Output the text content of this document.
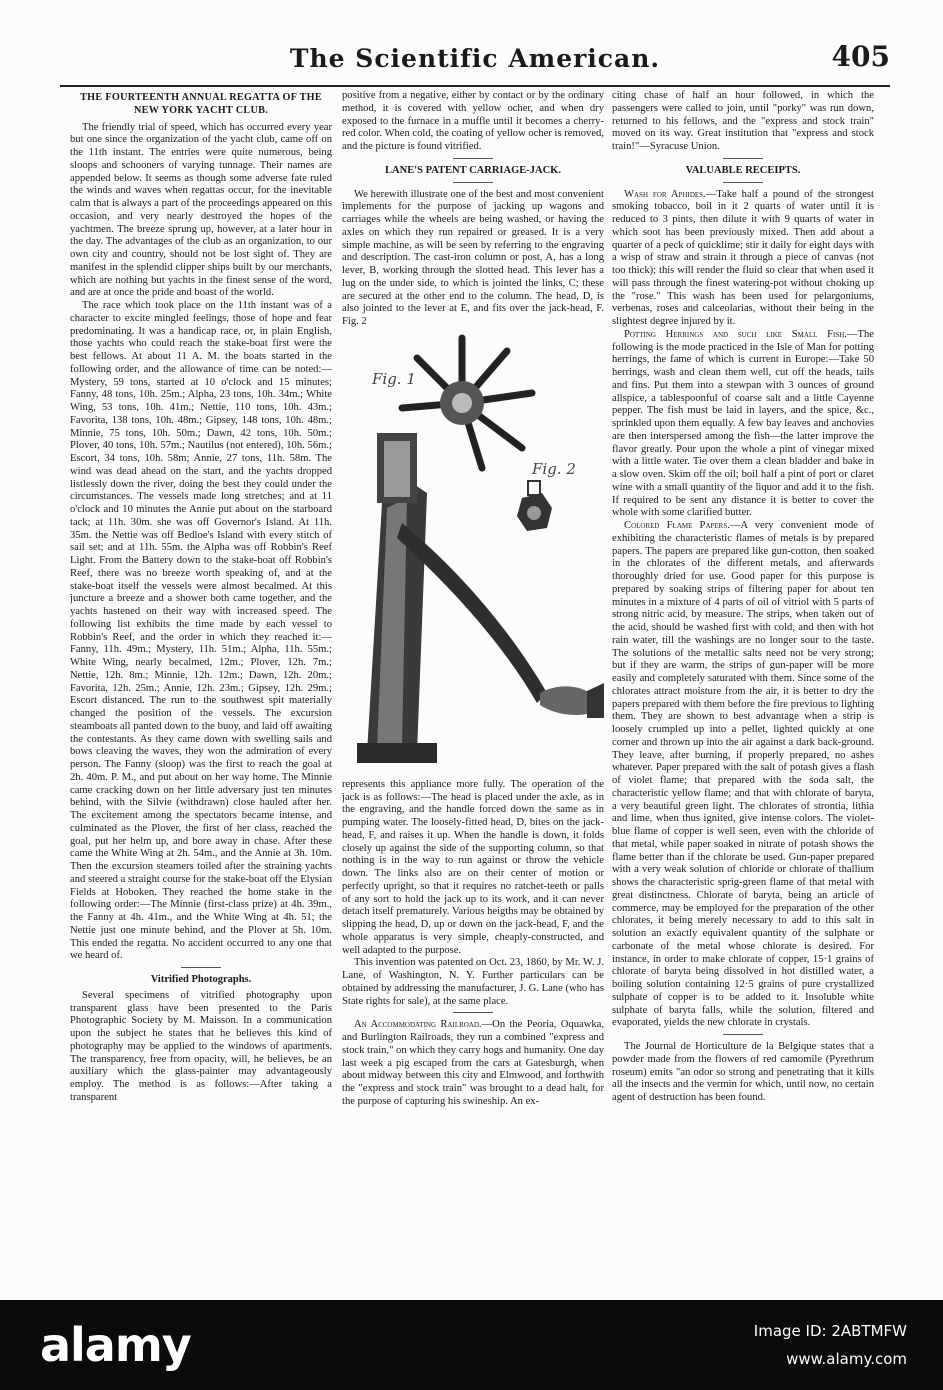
The Scientific American.	405
THE FOURTEENTH ANNUAL REGATTA OF THE NEW YORK YACHT CLUB.

The friendly trial of speed, which has occurred every year but one since the organization of the yacht club, came off on the 11th instant. The entries were quite numerous, being sloops and schooners of varying tunnage. Their names are appended below. It seems as though some adverse fate ruled the winds and waves when regattas occur, for the inevitable calm that is always a part of the proceedings appeared on this occasion, and very nearly destroyed the hopes of the yachtmen. The breeze sprung up, however, at a later hour in the day. The advantages of the club as an organization, to our own city and country, should not be lost sight of. They are manifest in the splendid clipper ships built by our merchants, which are nothing but yachts in the finest sense of the word, and are at once the pride and boast of the world.

The race which took place on the 11th instant was of a character to excite mingled feelings, those of hope and fear predominating. It was a handicap race, or, in plain English, those yachts who could reach the stake-boat first were the best fellows. At about 11 A. M. the boats started in the following order, and the allowance of time can be noted:—Mystery, 59 tons, started at 10 o'clock and 15 minutes; Fanny, 48 tons, 10h. 25m.; Alpha, 23 tons, 10h. 34m.; White Wing, 53 tons, 10h. 41m.; Nettie, 110 tons, 10h. 43m.; Favorita, 138 tons, 10h. 48m.; Gipsey, 148 tons, 10h. 48m.; Minnie, 75 tons, 10h. 50m.; Dawn, 42 tons, 10h. 50m.; Plover, 40 tons, 10h. 57m.; Nautilus (not entered), 10h. 56m.; Escort, 34 tons, 10h. 58m; Annie, 27 tons, 11h. 58m. The wind was dead ahead on the start, and the yachts dropped listlessly down the river, doing the best they could under the circumstances. The vessels made long stretches; and at 11 o'clock and 10 minutes the Annie put about on the starboard tack; at 11h. 30m. she was off Governor's Island. At 11h. 35m. the Nettie was off Bedloe's Island with every stitch of sail set; and at 11h. 55m. the Alpha was off Robbin's Reef Light. From the Battery down to the stake-boat off Robbin's Reef, there was no breeze worth speaking of, and at the stake-boat itself the vessels were almost becalmed. At this juncture a breeze and a shower both came together, and the yachts hastened on their way with increased speed. The following list exhibits the time made by each vessel to Robbin's Reef, and the order in which they reached it:—Fanny, 11h. 49m.; Mystery, 11h. 51m.; Alpha, 11h. 55m.; White Wing, nearly becalmed, 12m.; Plover, 12h. 7m.; Nettie, 12h. 8m.; Minnie, 12h. 12m.; Dawn, 12h. 20m.; Favorita, 12h. 25m.; Annie, 12h. 23m.; Gipsey, 12h. 29m.; Escort distanced. The run to the southwest spit materially changed the position of the vessels. The excursion steamboats all panted down to the buoy, and laid off awaiting the contestants. As they came down with swelling sails and bows cleaving the waves, they won the admiration of every person. The Fanny (sloop) was the first to reach the goal at 2h. 40m. P. M., and put about on her way home. The Minnie came cracking down on her little adversary just ten minutes behind, with the Silvie (withdrawn) close hauled after her. The excitement among the spectators became intense, and culminated as the Plover, the first of her class, reached the goal, put her helm up, and bore away in chase. After these came the White Wing at 2h. 54m., and the Annie at 3h. 10m. Then the excursion steamers toiled after the straining yachts and steered a straight course for the stake-boat off the Elysian Fields at Hoboken. They reached the home stake in the following order:—The Minnie (first-class prize) at 4h. 39m., the Fanny at 4h. 41m., and the White Wing at 4h. 51; the Nettie just one minute behind, and the Plover at 5h. 10m. This ended the regatta. No accident occurred to any one that we heard of.

Vitrified Photographs.

Several specimens of vitrified photography upon transparent glass have been presented to the Paris Photographic Society by M. Maisson. In a communication upon the subject he states that he believes this kind of photography may be applied to the windows of apartments. The transparency, free from opacity, will, he believes, be an auxiliary which the glass-painter may advantageously employ. The method is as follows:—After taking a transparent

positive from a negative, either by contact or by the ordinary method, it is covered with yellow ocher, and when dry exposed to the furnace in a muffle until it becomes a cherry-red color. When cold, the coating of yellow ocher is removed, and the picture is found vitrified.

LANE'S PATENT CARRIAGE-JACK.

We herewith illustrate one of the best and most convenient implements for the purpose of jacking up wagons and carriages while the wheels are being washed, or having the axles on which they run repaired or greased. It is a very simple machine, as will be seen by referring to the engraving and description. The cast-iron column or post, A, has a long lever, B, working through the slotted head. This lever has a lug on the under side, to which is jointed the links, C; these are secured at the other end to the column. The head, D, is also jointed to the lever at E, and fits over the jack-head, F. Fig. 2

Fig. 1
Fig. 2

represents this appliance more fully. The operation of the jack is as follows:—The head is placed under the axle, as in the engraving, and the handle forced down the same as in pumping water. The loosely-fitted head, D, bites on the jack-head, F, and raises it up. When the handle is down, it folds closely up against the side of the supporting column, so that nothing is in the way to run against or throw the vehicle down. The links also are on their center of motion or perfectly upright, so that it requires no ratchet-teeth or palls of any sort to hold the jack up to its work, and it can never detach itself prematurely. Various heigths may be obtained by slipping the head, D, up or down on the jack-head, F, and the whole apparatus is very simple, cheaply-constructed, and well adapted to the purpose.

This invention was patented on Oct. 23, 1860, by Mr. W. J. Lane, of Washington, N. Y. Further particulars can be obtained by addressing the manufacturer, J. G. Lane (who has State rights for sale), at the same place.

An Accommodating Railroad.—On the Peoria, Oquawka, and Burlington Railroads, they run a combined "express and stock train," on which they carry hogs and humanity. One day last week a pig escaped from the cars at Gatesburgh, when about midway between this city and Elmwood, and forthwith the "express and stock train" was brought to a dead halt, for the purpose of capturing his swineship. An ex-

citing chase of half an hour followed, in which the passengers were called to join, until "porky" was run down, returned to his fellows, and the "express and stock train" moved on its way. Great institution that "express and stock train!"—Syracuse Union.

VALUABLE RECEIPTS.

Wash for Aphides.—Take half a pound of the strongest smoking tobacco, boil in it 2 quarts of water until it is reduced to 3 pints, then dilute it with 9 quarts of water in which soot has been previously mixed. Then add about a quarter of a peck of quicklime; stir it daily for eight days with a wisp of straw and strain it through a piece of canvas (not too thick); this will render the fluid so clear that when used it will pass through the finest watering-pot without choking up the "rose." This wash has been used for pelargoniums, verbenas, roses and calceolarias, without their being in the slightest degree injured by it.

Potting Herrings and such like Small Fish.—The following is the mode practiced in the Isle of Man for potting herrings, the fame of which is current in Europe:—Take 50 herrings, wash and clean them well, cut off the heads, tails and fins. Put them into a stewpan with 3 ounces of ground allspice, a tablespoonful of coarse salt and a little Cayenne pepper. The fish must be laid in layers, and the spice, &c., sprinkled upon them equally. A few bay leaves and anchovies are then interspersed among the fish—the latter improve the flavor greatly. Pour upon the whole a pint of vinegar mixed with a little water. Tie over them a clean bladder and bake in a slow oven. Skim off the oil; boil half a pint of port or claret wine with a small quantity of the liquor and add it to the fish. If required to be sent any distance it is better to cover the whole with some clarified butter.

Colored Flame Papers.—A very convenient mode of exhibiting the characteristic flames of metals is by prepared papers. The papers are prepared like gun-cotton, then soaked in the chlorates of the different metals, and afterwards thoroughly dried for use. Good paper for this purpose is prepared by soaking strips of filtering paper for about ten minutes in a mixture of 4 parts of oil of vitriol with 5 parts of strong nitric acid, by measure. The strips, when taken out of the acid, should be washed first with cold, and then with hot rain water, till the washings are no longer sour to the taste. The solutions of the metallic salts need not be very strong; but if they are warm, the strips of gun-paper will be more easily and completely saturated with them. Since some of the chlorates attract moisture from the air, it is better to dry the papers prepared with them before the fire previous to lighting them. They are shown to best advantage when a strip is loosely crumpled up into a pellet, lighted quickly at one corner and thrown up into the air against a dark back-ground. They leave, after burning, if properly prepared, no ashes whatever. Paper prepared with the salt of potash gives a flash of violet flame; that prepared with the soda salt, the characteristic yellow flame; and that with chlorate of baryta, a very beautiful green light. The chlorates of strontia, lithia and lime, when thus ignited, give intense colors. The violet-blue flame of copper is well seen, even with the chloride of that metal, while paper soaked in nitrate of potash shows the flame better than if the chlorate be used. Gun-paper prepared with a very weak solution of chloride or chlorate of thallium shows the characteristic sprig-green flame of that metal with great distinctness. Chlorate of baryta, being an article of commerce, may be employed for the preparation of the other chlorates, it being merely necessary to add to this salt in solution an exactly equivalent quantity of the sulphate or carbonate of the metal whose chlorate is desired. For instance, in order to make chlorate of copper, 15·1 grains of chlorate of baryta being dissolved in hot distilled water, a boiling solution containing 12·5 grains of pure crystallized sulphate of copper is to be added to it. Insoluble white sulphate of baryta falls, while the solution, filtered and evaporated, yields the new chlorate in crystals.

The Journal de Horticulture de la Belgique states that a powder made from the flowers of red camomile (Pyrethrum roseum) emits "an odor so strong and penetrating that it kills all the insects and the vermin for which, until now, no certain agent of destruction has been found.

alamy	Image ID: 2ABTMFW
www.alamy.com
